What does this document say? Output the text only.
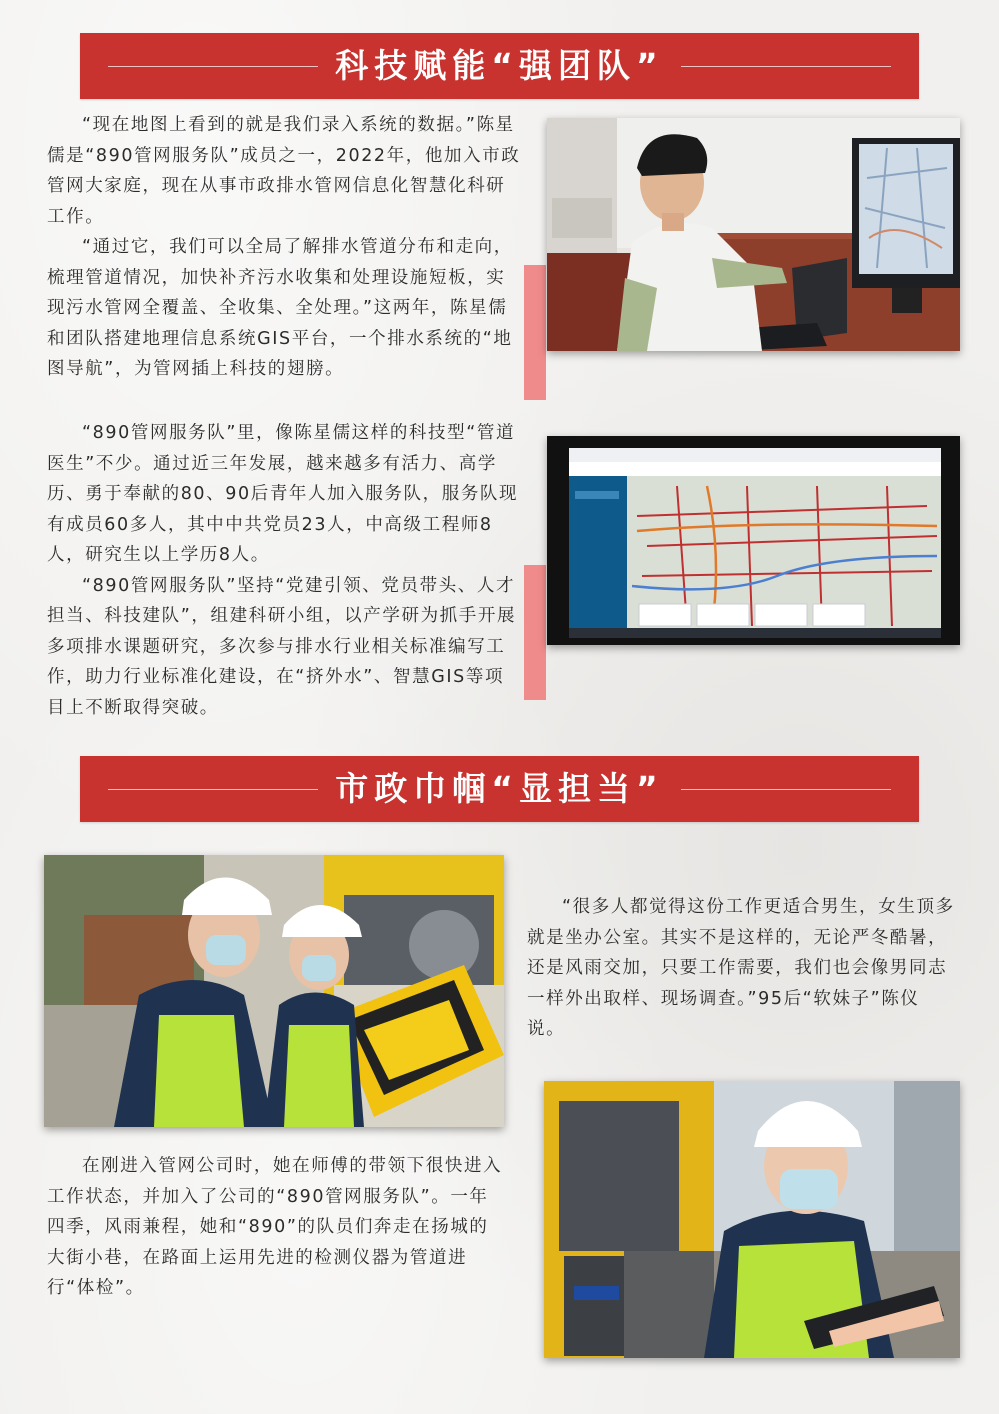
科技赋能“强团队”

“现在地图上看到的就是我们录入系统的数据。”陈星儒是“890管网服务队”成员之一，2022年，他加入市政管网大家庭，现在从事市政排水管网信息化智慧化科研工作。

“通过它，我们可以全局了解排水管道分布和走向，梳理管道情况，加快补齐污水收集和处理设施短板，实现污水管网全覆盖、全收集、全处理。”这两年，陈星儒和团队搭建地理信息系统GIS平台，一个排水系统的“地图导航”，为管网插上科技的翅膀。

“890管网服务队”里，像陈星儒这样的科技型“管道医生”不少。通过近三年发展，越来越多有活力、高学历、勇于奉献的80、90后青年人加入服务队，服务队现有成员60多人，其中中共党员23人，中高级工程师8人，研究生以上学历8人。

“890管网服务队”坚持“党建引领、党员带头、人才担当、科技建队”，组建科研小组，以产学研为抓手开展多项排水课题研究，多次参与排水行业相关标准编写工作，助力行业标准化建设，在“挤外水”、智慧GIS等项目上不断取得突破。

市政巾帼“显担当”

“很多人都觉得这份工作更适合男生，女生顶多就是坐办公室。其实不是这样的，无论严冬酷暑，还是风雨交加，只要工作需要，我们也会像男同志一样外出取样、现场调查。”95后“软妹子”陈仪说。

在刚进入管网公司时，她在师傅的带领下很快进入工作状态，并加入了公司的“890管网服务队”。一年四季，风雨兼程，她和“890”的队员们奔走在扬城的大街小巷，在路面上运用先进的检测仪器为管道进行“体检”。
